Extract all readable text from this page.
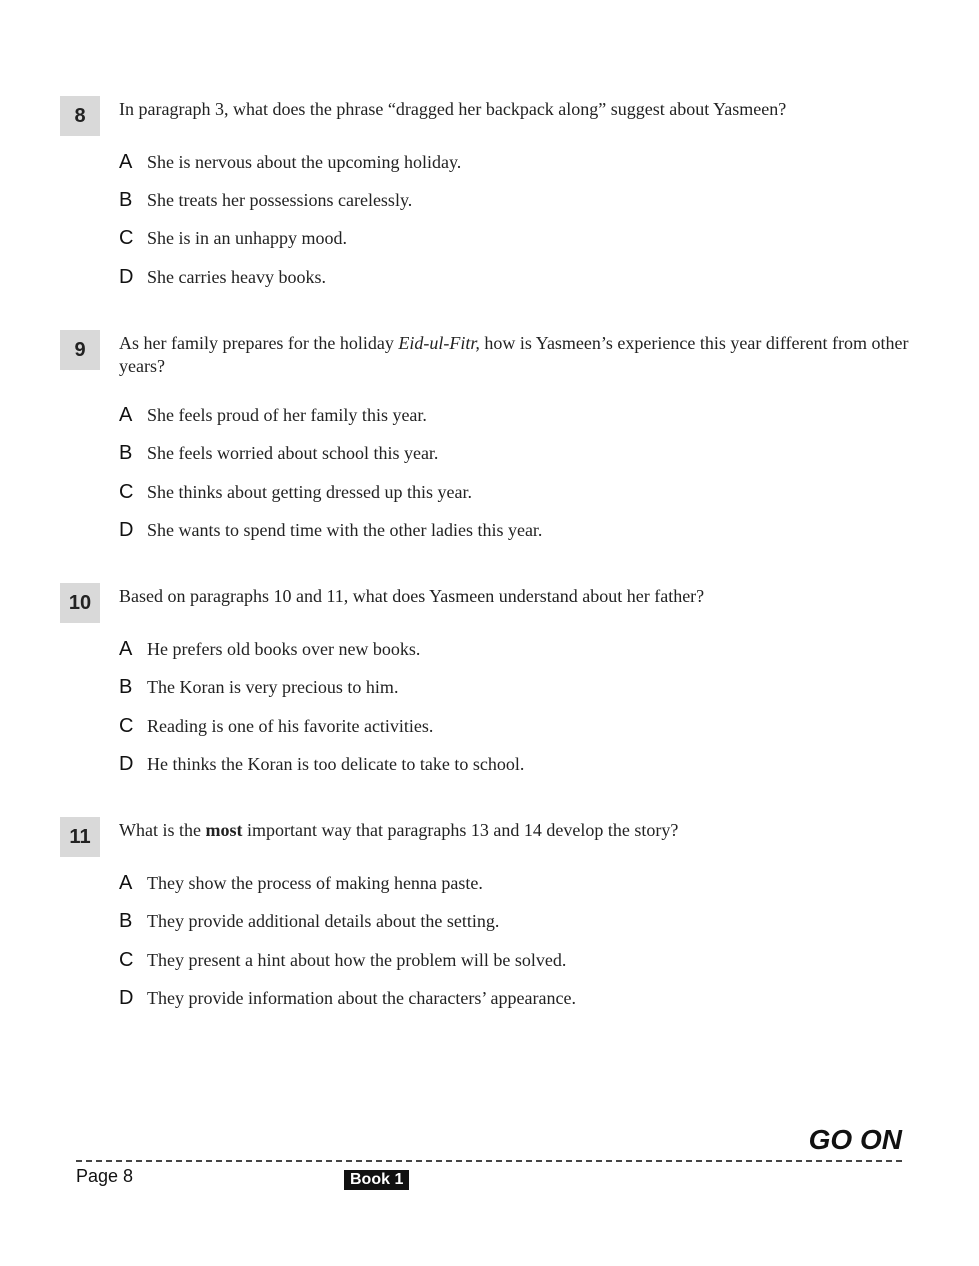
8	In paragraph 3, what does the phrase “dragged her backpack along” suggest about Yasmeen?
A She is nervous about the upcoming holiday.
B She treats her possessions carelessly.
C She is in an unhappy mood.
D She carries heavy books.
9	As her family prepares for the holiday Eid-ul-Fitr, how is Yasmeen’s experience this year different from other years?
A She feels proud of her family this year.
B She feels worried about school this year.
C She thinks about getting dressed up this year.
D She wants to spend time with the other ladies this year.
10	Based on paragraphs 10 and 11, what does Yasmeen understand about her father?
A He prefers old books over new books.
B The Koran is very precious to him.
C Reading is one of his favorite activities.
D He thinks the Koran is too delicate to take to school.
11	What is the most important way that paragraphs 13 and 14 develop the story?
A They show the process of making henna paste.
B They provide additional details about the setting.
C They present a hint about how the problem will be solved.
D They provide information about the characters’ appearance.
GO ON
Page 8	Book 1
